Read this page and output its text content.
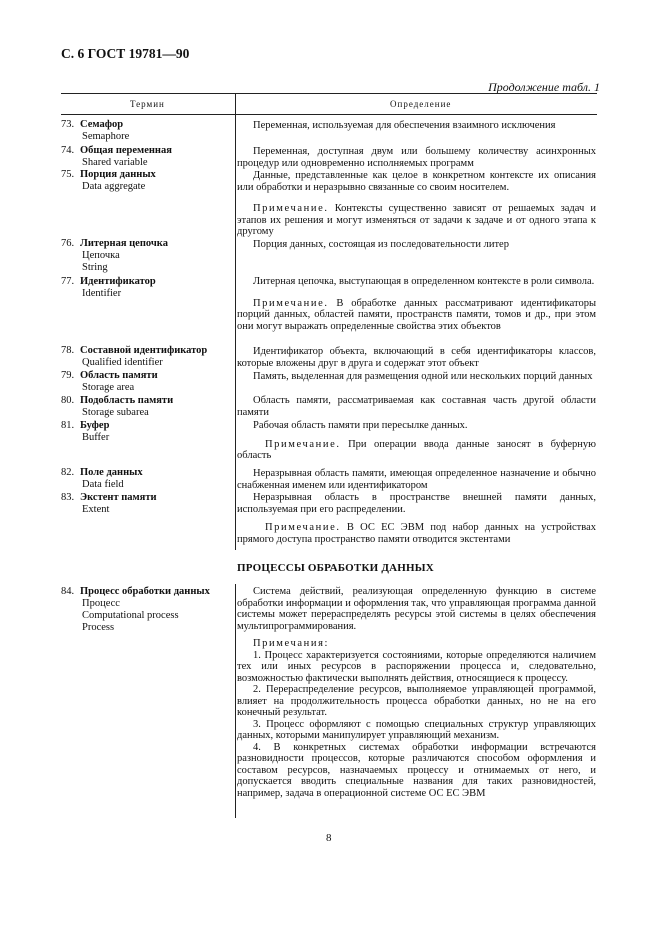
С. 6 ГОСТ 19781—90
Продолжение табл. 1
Термин	Определение
73. Семафор
Semaphore

Переменная, используемая для обеспечения взаимного исключения

74. Общая переменная
Shared variable

Переменная, доступная двум или большему количеству асинхронных процедур или одновременно исполняемых программ

75. Порция данных
Data aggregate

Данные, представленные как целое в конкретном контексте их описания или обработки и неразрывно связанные со своим носителем.

Примечание. Контексты существенно зависят от решаемых задач и этапов их решения и могут изменяться от задачи к задаче и от одного этапа к другому

76. Литерная цепочка
Цепочка
String

Порция данных, состоящая из последовательности литер

77. Идентификатор
Identifier

Литерная цепочка, выступающая в определенном контексте в роли символа.

Примечание. В обработке данных рассматривают идентификаторы порций данных, областей памяти, пространств памяти, томов и др., при этом они могут выражать определенные свойства этих объектов

78. Составной идентификатор
Qualified identifier

Идентификатор объекта, включающий в себя идентификаторы классов, которые вложены друг в друга и содержат этот объект

79. Область памяти
Storage area

Память, выделенная для размещения одной или нескольких порций данных

80. Подобласть памяти
Storage subarea

Область памяти, рассматриваемая как составная часть другой области памяти

81. Буфер
Buffer

Рабочая область памяти при пересылке данных.

Примечание. При операции ввода данные заносят в буферную область

82. Поле данных
Data field

Неразрывная область памяти, имеющая определенное назначение и обычно снабженная именем или идентификатором

83. Экстент памяти
Extent

Неразрывная область в пространстве внешней памяти данных, используемая при его распределении.

Примечание. В ОС ЕС ЭВМ под набор данных на устройствах прямого доступа пространство памяти отводится экстентами

ПРОЦЕССЫ ОБРАБОТКИ ДАННЫХ
84. Процесс обработки данных
Процесс
Computational process
Process

Система действий, реализующая определенную функцию в системе обработки информации и оформления так, что управляющая программа данной системы может перераспределять ресурсы этой системы в целях обеспечения мультипрограммирования.

Примечания:

1. Процесс характеризуется состояниями, которые определяются наличием тех или иных ресурсов в распоряжении процесса и, следовательно, возможностью фактически выполнять действия, относящиеся к процессу.

2. Перераспределение ресурсов, выполняемое управляющей программой, влияет на продолжительность процесса обработки данных, но не на его конечный результат.

3. Процесс оформляют с помощью специальных структур управляющих данных, которыми манипулирует управляющий механизм.

4. В конкретных системах обработки информации встречаются разновидности процессов, которые различаются способом оформления и составом ресурсов, назначаемых процессу и отнимаемых от него, и допускается вводить специальные названия для таких разновидностей, например, задача в операционной системе ОС ЕС ЭВМ

8
